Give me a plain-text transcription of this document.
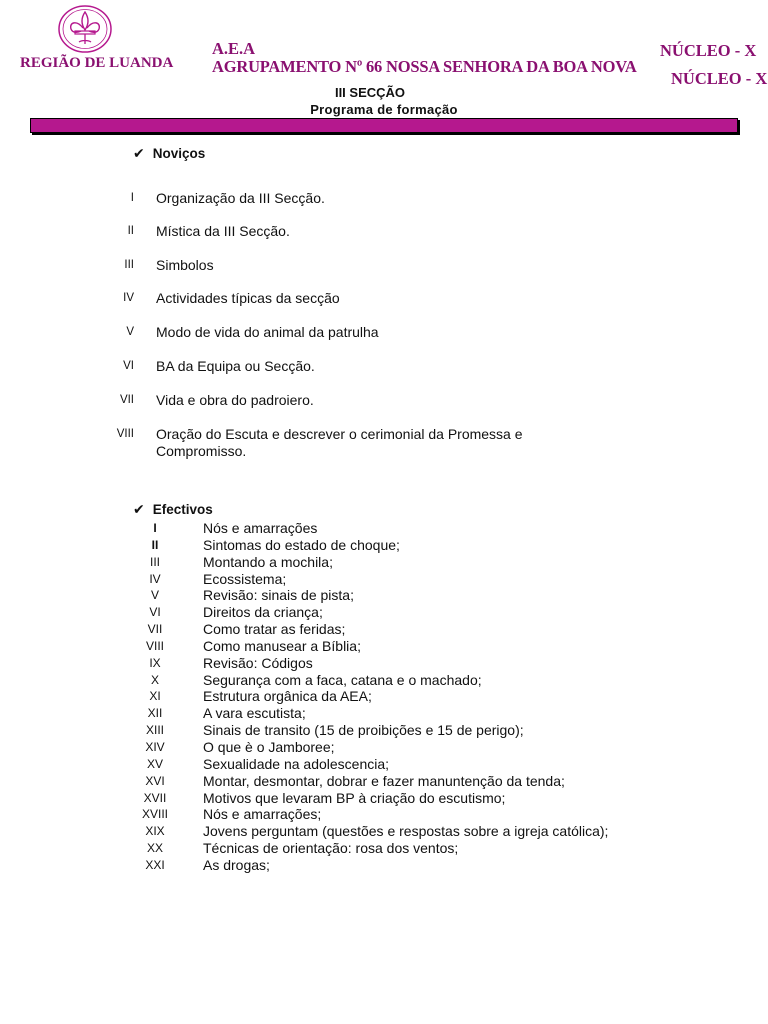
REGIÃO DE LUANDA
A.E.A
AGRUPAMENTO Nº 66 NOSSA SENHORA DA BOA NOVA
NÚCLEO - X
NÚCLEO - X
III SECÇÃO
Programa de formação
✔ Noviços
I Organização da III Secção.
II Mística da III Secção.
III Simbolos
IV Actividades típicas da secção
V Modo de vida do animal da patrulha
VI BA da Equipa ou Secção.
VII Vida e obra do padroiero.
VIII Oração do Escuta e descrever o cerimonial da Promessa e Compromisso.
✔ Efectivos
I	Nós e amarrações
II	Sintomas do estado de choque;
III	Montando a mochila;
IV	Ecossistema;
V	Revisão: sinais de pista;
VI	Direitos da criança;
VII	Como tratar as feridas;
VIII	Como manusear a Bíblia;
IX	Revisão: Códigos
X	Segurança com a faca, catana e o machado;
XI	Estrutura orgânica da AEA;
XII	A vara escutista;
XIII	Sinais de transito (15 de proibições e 15 de perigo);
XIV	O que è o Jamboree;
XV	Sexualidade na adolescencia;
XVI	Montar, desmontar, dobrar e fazer manuntenção da tenda;
XVII	Motivos que levaram BP à criação do escutismo;
XVIII	Nós e amarrações;
XIX	Jovens perguntam (questões e respostas sobre a igreja católica);
XX	Técnicas de orientação: rosa dos ventos;
XXI	As drogas;
